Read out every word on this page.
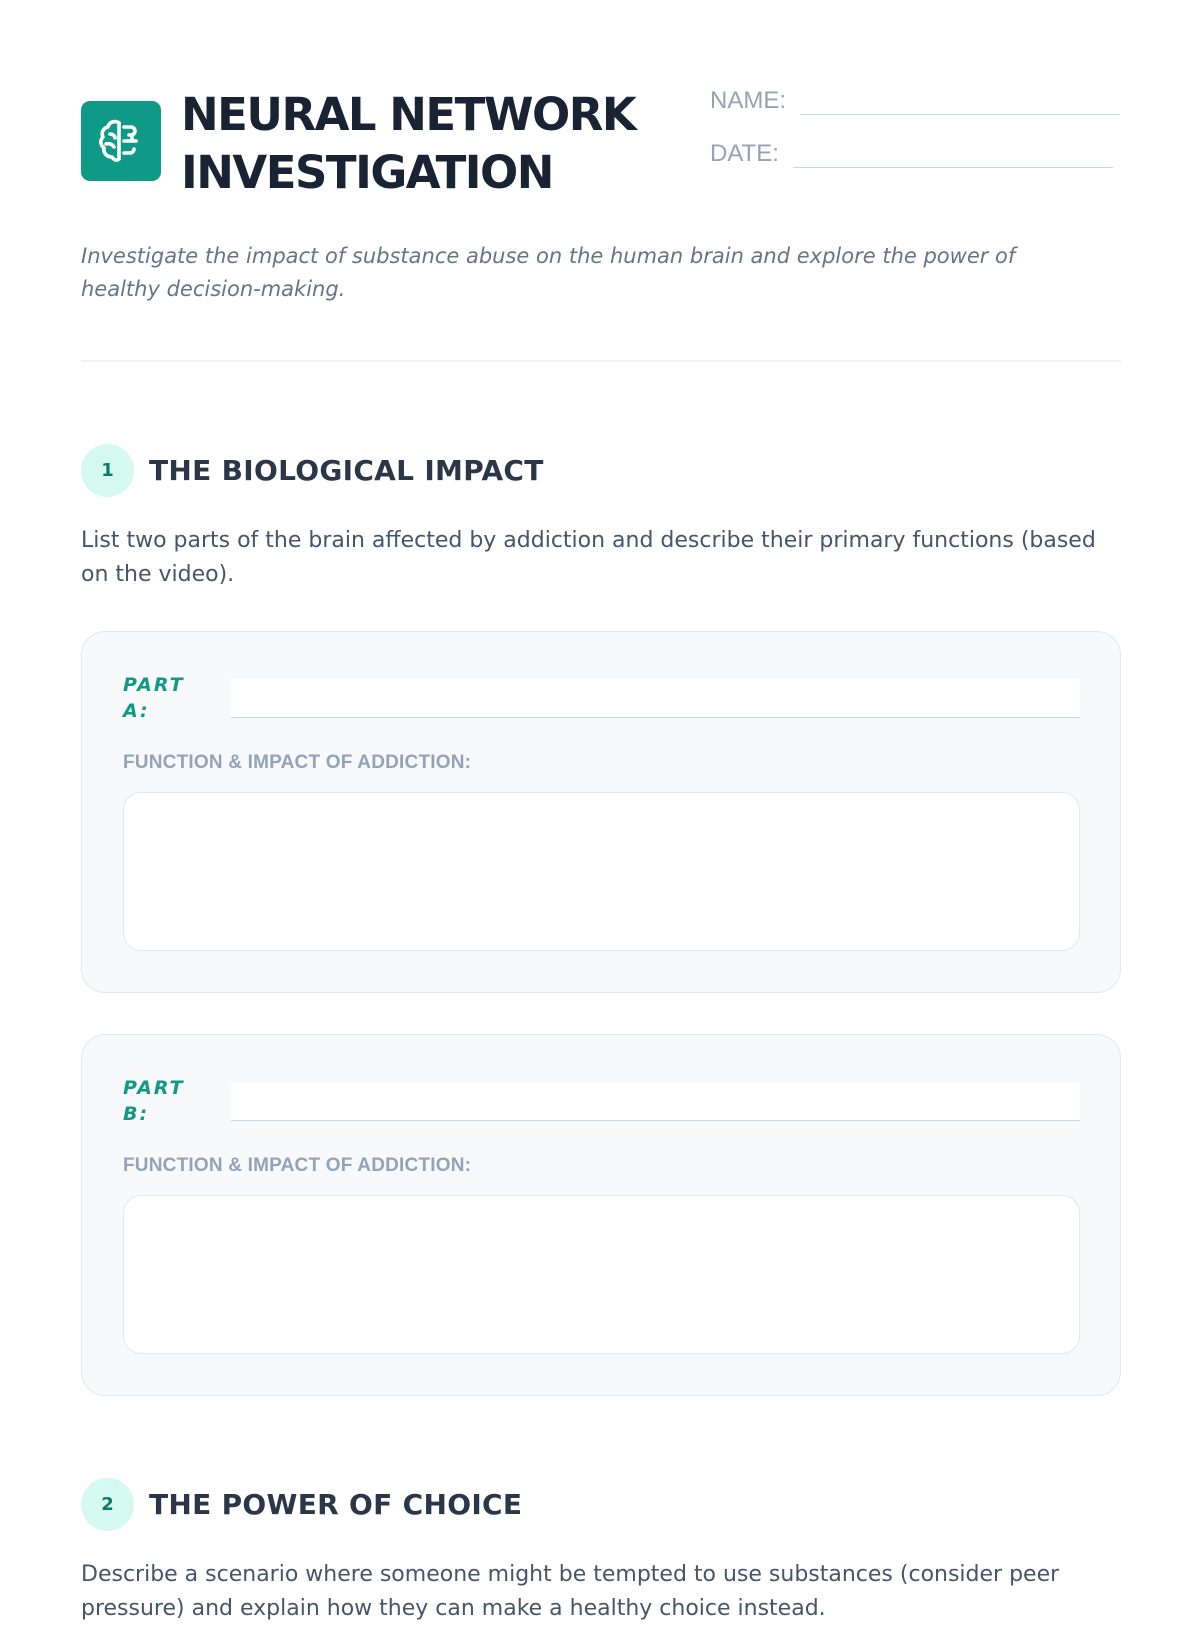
NEURAL NETWORK
INVESTIGATION
NAME:
DATE:

Investigate the impact of substance abuse on the human brain and explore the power of healthy decision-making.

1	THE BIOLOGICAL IMPACT

List two parts of the brain affected by addiction and describe their primary functions (based on the video).

PART A:
FUNCTION & IMPACT OF ADDICTION:
PART B:
FUNCTION & IMPACT OF ADDICTION:
2	THE POWER OF CHOICE

Describe a scenario where someone might be tempted to use substances (consider peer pressure) and explain how they can make a healthy choice instead.
